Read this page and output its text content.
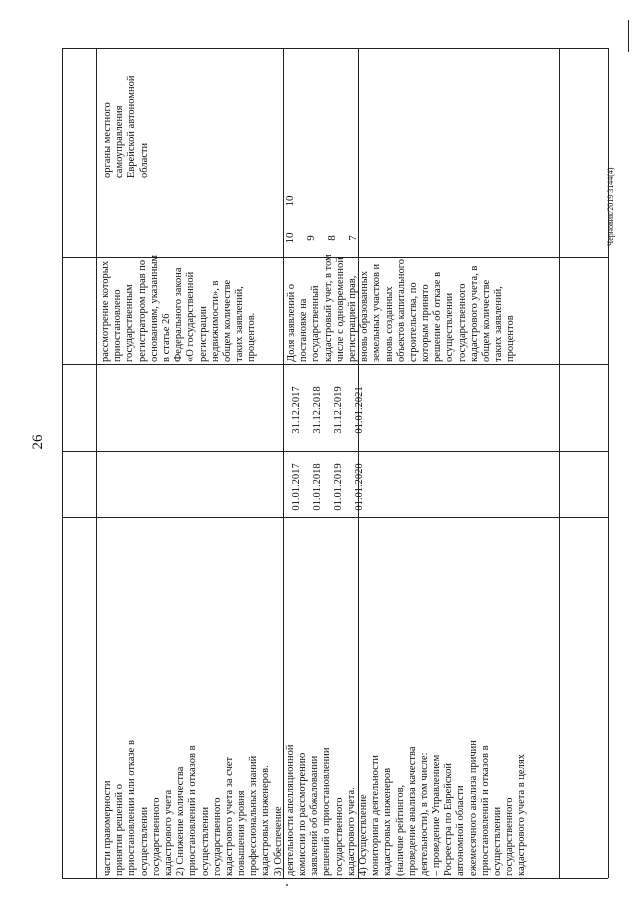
26
Черновик/2019 3144(4)
части правомерности принятия решений о приостановлении или отказе в осуществлении государственного кадастрового учета 2) Снижение количества приостановлений и отказов в осуществлении государственного кадастрового учета за счет повышения уровня профессиональных знаний кадастровых инженеров. 3) Обеспечение деятельности апелляционной комиссии по рассмотрению заявлений об обжаловании решений о приостановлении государственного кадастрового учета. 4) Осуществление мониторинга деятельности кадастровых инженеров (наличие рейтингов, проведение анализа качества деятельности), в том числе: – проведение Управлением Росреестра по Еврейской автономной области ежемесячного анализа причин приостановлений и отказов в осуществлении государственного кадастрового учета в целях
01.01.2017 01.01.2018 01.01.2019 01.01.2020
31.12.2017 31.12.2018 31.12.2019 01.01.2021
рассмотрение которых приостановлено государственным регистратором прав по основаниям, указанным в статье 26 Федерального закона «О государственной регистрации недвижимости», в общем количестве таких заявлений, процентов.	Доля заявлений о постановке на государственный кадастровый учет, в том числе с одновременной регистрацией прав, вновь образованных земельных участков и вновь созданных объектов капитального строительства, по которым принято решение об отказе в осуществлении государственного кадастрового учета, в общем количестве таких заявлений, процентов
10 9 8 7
10
органы местного самоуправления Еврейской автономной области
